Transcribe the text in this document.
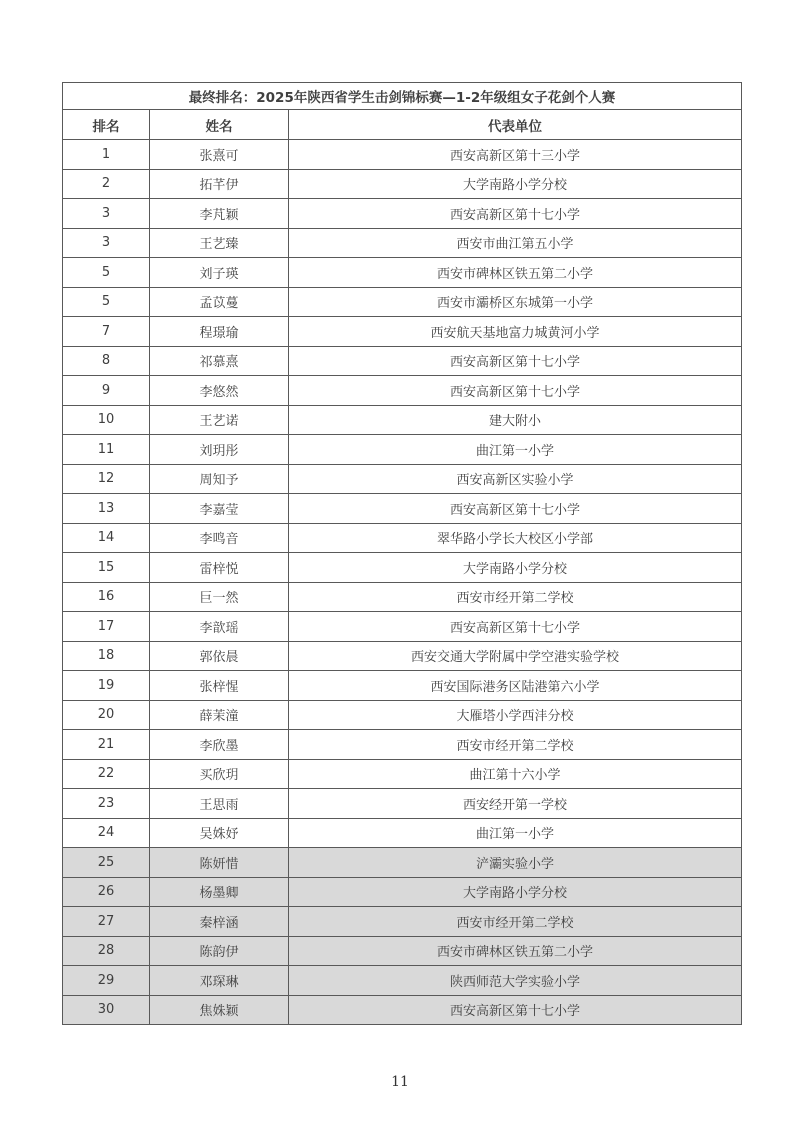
最终排名：2025年陕西省学生击剑锦标赛—1-2年级组女子花剑个人赛		
排名	姓名	代表单位
1	张熹可	西安高新区第十三小学
2	拓芊伊	大学南路小学分校
3	李芃颖	西安高新区第十七小学
3	王艺臻	西安市曲江第五小学
5	刘子瑛	西安市碑林区铁五第二小学
5	孟苡蔓	西安市灞桥区东城第一小学
7	程璟瑜	西安航天基地富力城黄河小学
8	祁慕熹	西安高新区第十七小学
9	李悠然	西安高新区第十七小学
10	王艺诺	建大附小
11	刘玥彤	曲江第一小学
12	周知予	西安高新区实验小学
13	李嘉莹	西安高新区第十七小学
14	李鸣音	翠华路小学长大校区小学部
15	雷梓悦	大学南路小学分校
16	巨一然	西安市经开第二学校
17	李歆瑶	西安高新区第十七小学
18	郭依晨	西安交通大学附属中学空港实验学校
19	张梓惺	西安国际港务区陆港第六小学
20	薛茉潼	大雁塔小学西沣分校
21	李欣墨	西安市经开第二学校
22	买欣玥	曲江第十六小学
23	王思雨	西安经开第一学校
24	吴姝妤	曲江第一小学
25	陈妍惜	浐灞实验小学
26	杨墨卿	大学南路小学分校
27	秦梓涵	西安市经开第二学校
28	陈韵伊	西安市碑林区铁五第二小学
29	邓琛琳	陕西师范大学实验小学
30	焦姝颖	西安高新区第十七小学
11
